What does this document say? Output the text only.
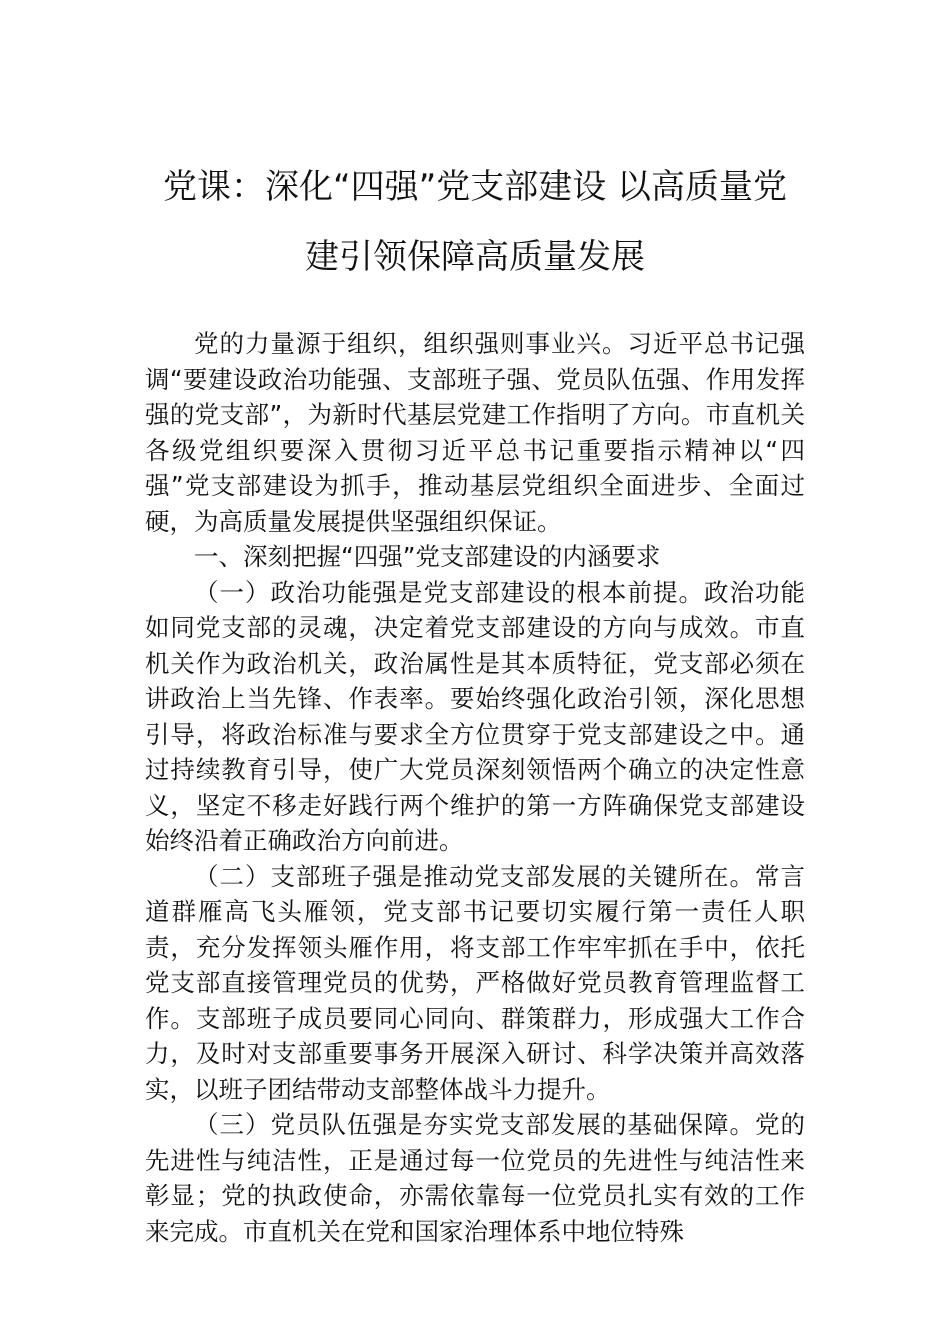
党课：深化“四强”党支部建设 以高质量党
建引领保障高质量发展

党的力量源于组织，组织强则事业兴。习近平总书记强调“要建设政治功能强、支部班子强、党员队伍强、作用发挥强的党支部”，为新时代基层党建工作指明了方向。市直机关各级党组织要深入贯彻习近平总书记重要指示精神以“四强”党支部建设为抓手，推动基层党组织全面进步、全面过硬，为高质量发展提供坚强组织保证。

一、深刻把握“四强”党支部建设的内涵要求

（一）政治功能强是党支部建设的根本前提。政治功能如同党支部的灵魂，决定着党支部建设的方向与成效。市直机关作为政治机关，政治属性是其本质特征，党支部必须在讲政治上当先锋、作表率。要始终强化政治引领，深化思想引导，将政治标准与要求全方位贯穿于党支部建设之中。通过持续教育引导，使广大党员深刻领悟两个确立的决定性意义，坚定不移走好践行两个维护的第一方阵确保党支部建设始终沿着正确政治方向前进。

（二）支部班子强是推动党支部发展的关键所在。常言道群雁高飞头雁领，党支部书记要切实履行第一责任人职责，充分发挥领头雁作用，将支部工作牢牢抓在手中，依托党支部直接管理党员的优势，严格做好党员教育管理监督工作。支部班子成员要同心同向、群策群力，形成强大工作合力，及时对支部重要事务开展深入研讨、科学决策并高效落实，以班子团结带动支部整体战斗力提升。

（三）党员队伍强是夯实党支部发展的基础保障。党的先进性与纯洁性，正是通过每一位党员的先进性与纯洁性来彰显；党的执政使命，亦需依靠每一位党员扎实有效的工作来完成。市直机关在党和国家治理体系中地位特殊
